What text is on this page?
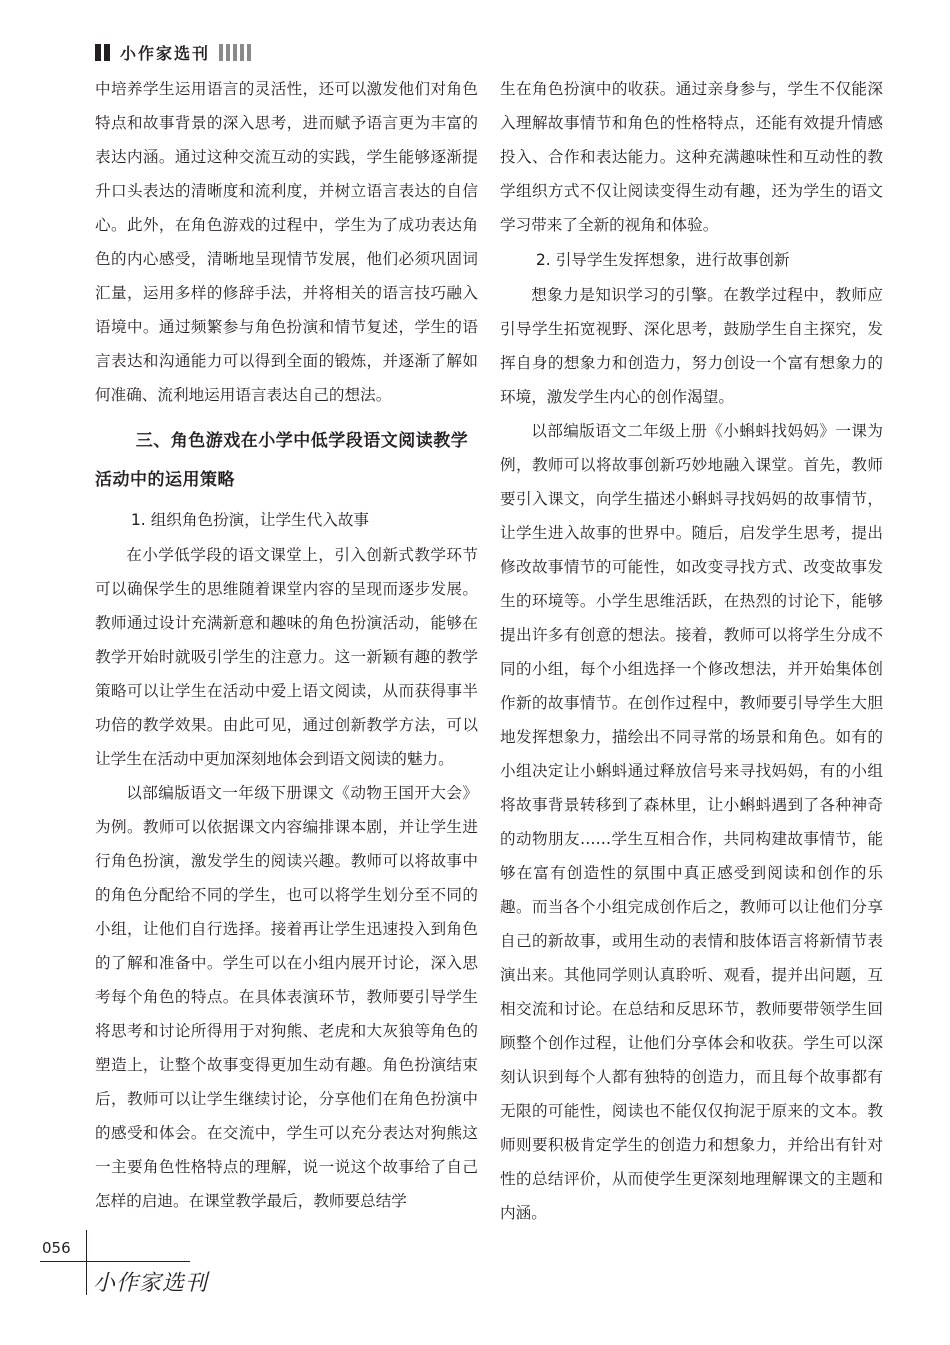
小作家选刊

中培养学生运用语言的灵活性，还可以激发他们对角色特点和故事背景的深入思考，进而赋予语言更为丰富的表达内涵。通过这种交流互动的实践，学生能够逐渐提升口头表达的清晰度和流利度，并树立语言表达的自信心。此外，在角色游戏的过程中，学生为了成功表达角色的内心感受，清晰地呈现情节发展，他们必须巩固词汇量，运用多样的修辞手法，并将相关的语言技巧融入语境中。通过频繁参与角色扮演和情节复述，学生的语言表达和沟通能力可以得到全面的锻炼，并逐渐了解如何准确、流利地运用语言表达自己的想法。

三、角色游戏在小学中低学段语文阅读教学活动中的运用策略
1. 组织角色扮演，让学生代入故事

在小学低学段的语文课堂上，引入创新式教学环节可以确保学生的思维随着课堂内容的呈现而逐步发展。教师通过设计充满新意和趣味的角色扮演活动，能够在教学开始时就吸引学生的注意力。这一新颖有趣的教学策略可以让学生在活动中爱上语文阅读，从而获得事半功倍的教学效果。由此可见，通过创新教学方法，可以让学生在活动中更加深刻地体会到语文阅读的魅力。

以部编版语文一年级下册课文《动物王国开大会》为例。教师可以依据课文内容编排课本剧，并让学生进行角色扮演，激发学生的阅读兴趣。教师可以将故事中的角色分配给不同的学生，也可以将学生划分至不同的小组，让他们自行选择。接着再让学生迅速投入到角色的了解和准备中。学生可以在小组内展开讨论，深入思考每个角色的特点。在具体表演环节，教师要引导学生将思考和讨论所得用于对狗熊、老虎和大灰狼等角色的塑造上，让整个故事变得更加生动有趣。角色扮演结束后，教师可以让学生继续讨论，分享他们在角色扮演中的感受和体会。在交流中，学生可以充分表达对狗熊这一主要角色性格特点的理解，说一说这个故事给了自己怎样的启迪。在课堂教学最后，教师要总结学

生在角色扮演中的收获。通过亲身参与，学生不仅能深入理解故事情节和角色的性格特点，还能有效提升情感投入、合作和表达能力。这种充满趣味性和互动性的教学组织方式不仅让阅读变得生动有趣，还为学生的语文学习带来了全新的视角和体验。

2. 引导学生发挥想象，进行故事创新

想象力是知识学习的引擎。在教学过程中，教师应引导学生拓宽视野、深化思考，鼓励学生自主探究，发挥自身的想象力和创造力，努力创设一个富有想象力的环境，激发学生内心的创作渴望。

以部编版语文二年级上册《小蝌蚪找妈妈》一课为例，教师可以将故事创新巧妙地融入课堂。首先，教师要引入课文，向学生描述小蝌蚪寻找妈妈的故事情节，让学生进入故事的世界中。随后，启发学生思考，提出修改故事情节的可能性，如改变寻找方式、改变故事发生的环境等。小学生思维活跃，在热烈的讨论下，能够提出许多有创意的想法。接着，教师可以将学生分成不同的小组，每个小组选择一个修改想法，并开始集体创作新的故事情节。在创作过程中，教师要引导学生大胆地发挥想象力，描绘出不同寻常的场景和角色。如有的小组决定让小蝌蚪通过释放信号来寻找妈妈，有的小组将故事背景转移到了森林里，让小蝌蚪遇到了各种神奇的动物朋友……学生互相合作，共同构建故事情节，能够在富有创造性的氛围中真正感受到阅读和创作的乐趣。而当各个小组完成创作后之，教师可以让他们分享自己的新故事，或用生动的表情和肢体语言将新情节表演出来。其他同学则认真聆听、观看，提并出问题，互相交流和讨论。在总结和反思环节，教师要带领学生回顾整个创作过程，让他们分享体会和收获。学生可以深刻认识到每个人都有独特的创造力，而且每个故事都有无限的可能性，阅读也不能仅仅拘泥于原来的文本。教师则要积极肯定学生的创造力和想象力，并给出有针对性的总结评价，从而使学生更深刻地理解课文的主题和内涵。

056
小作家选刊
